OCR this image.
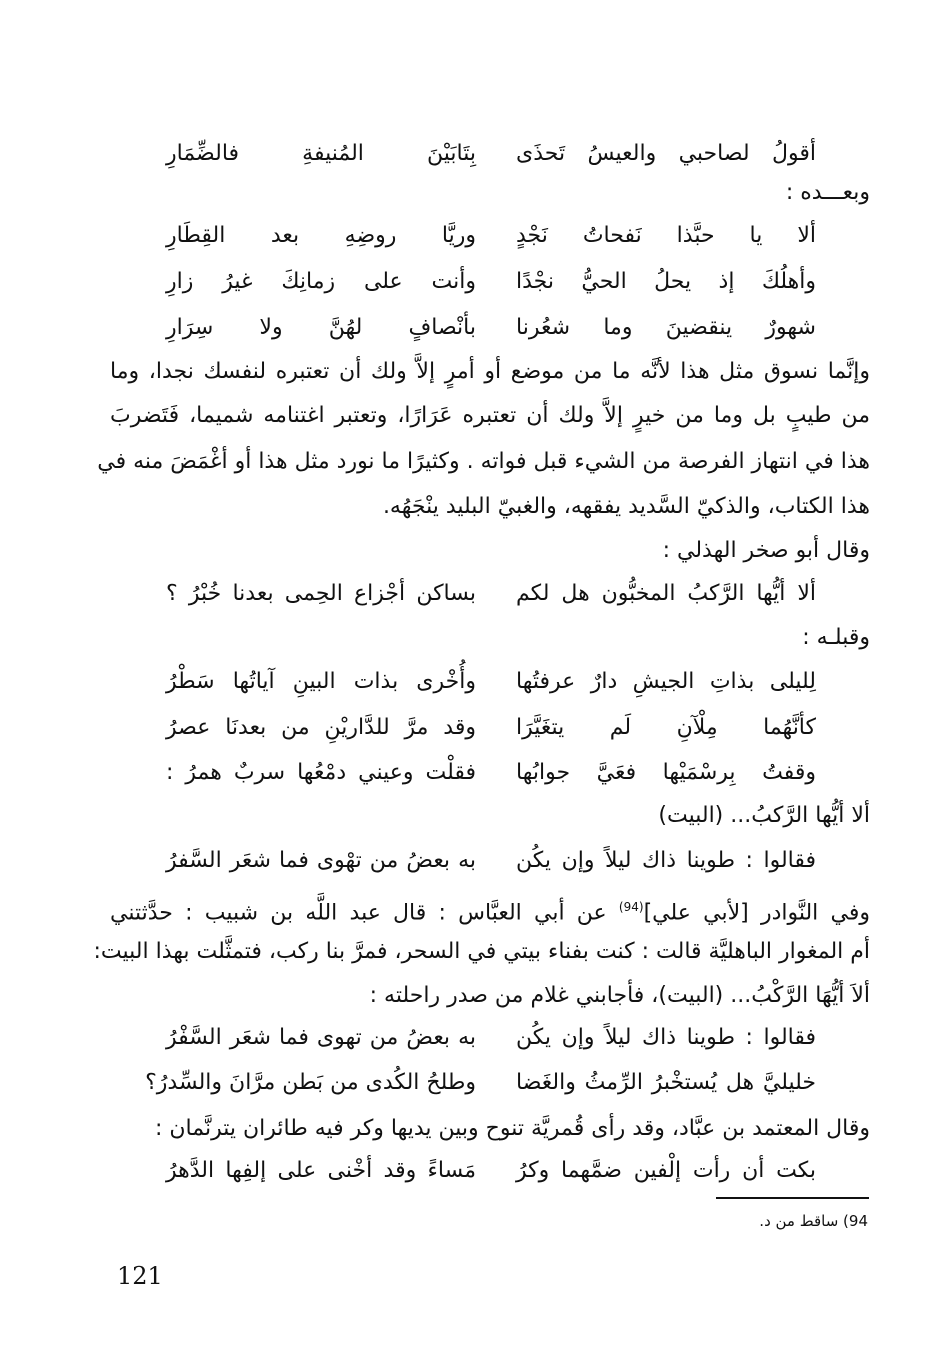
أقولُ لصاحبي والعيسُ تَحذَى
بِتَابَيْنَ المُنيفةِ فالضِّمَارِ
وبعـــده :
ألا يا حبَّذا نَفحاتُ نَجْدٍ
وريَّا روضِهِ بعد القِطَارِ
وأهلُكَ إذ يحلُ الحيُّ نجْدًا
وأنت على زمانِكَ غيرُ زارِ
شهورٌ ينقضينَ وما شعُرنا
بأنْصافٍ لهُنَّ ولا سِرَارِ
وإنَّما نسوق مثل هذا لأنَّه ما من موضع أو أمرٍ إلاَّ ولك أن تعتبره لنفسك نجدا، وما
من طيبٍ بل وما من خيرٍ إلاَّ ولك أن تعتبره عَرَارًا، وتعتبر اغتنامه شميما، فَتَضربَ
هذا في انتهاز الفرصة من الشيء قبل فواته . وكثيرًا ما نورد مثل هذا أو أغْمَضَ منه في
هذا الكتاب، والذكيّ السَّديد يفقهه، والغبيّ البليد ينْجَهُه.
وقال أبو صخر الهذلي :
ألا أيُّها الرَّكبُ المخبُّون هل لكم
بساكن أجْزاع الحِمى بعدنا خُبْرُ ؟
وقبلـه :
لِليلى بذاتِ الجيشِ دارٌ عرفتُها
وأُخْرى بذات البينِ آياتُها سَطْرُ
كأنَّهُما مِلْآنِ لَم يتغَيَّرَا
وقد مرَّ للدَّاريْنِ من بعدنَا عصرُ
وقفتُ بِرسْمَيْها فعَيَّ جوابُها
فقلْت وعيني دمْعُها سربٌ همرُ :
ألا أيُّها الرَّكبُ... (البيت)
فقالوا : طوينا ذاك ليلاً وإن يكُن
به بعضُ من تهْوى فما شعَر السَّفرُ
وفي النَّوادر [لأبي علي]$^{(94)}$ عن أبي العبَّاس : قال عبد اللَّه بن شبيب : حدَّثتني
أم المغوار الباهليَّة قالت : كنت بفناء بيتي في السحر، فمرَّ بنا ركب، فتمثَّلت بهذا البيت:
ألاَ أيُّهَا الرَّكْبُ... (البيت)، فأجابني غلام من صدر راحلته :
فقالوا : طوينا ذاك ليلاً وإن يكُن
به بعضُ من تهوى فما شعَر السَّفْرُ
خليليَّ هل يُستخْبرُ الرِّمثُ والغَضا
وطلحُ الكُدى من بَطن مرَّانَ والسِّدرُ؟
وقال المعتمد بن عبَّاد، وقد رأى قُمريَّة تنوح وبين يديها وكر فيه طائران يترنَّمان :
بكت أن رأت إلْفين ضمَّهما وكرُ
مَساءً وقد أخْنى على إلفِها الدَّهرُ
94) ساقط من د.
121
